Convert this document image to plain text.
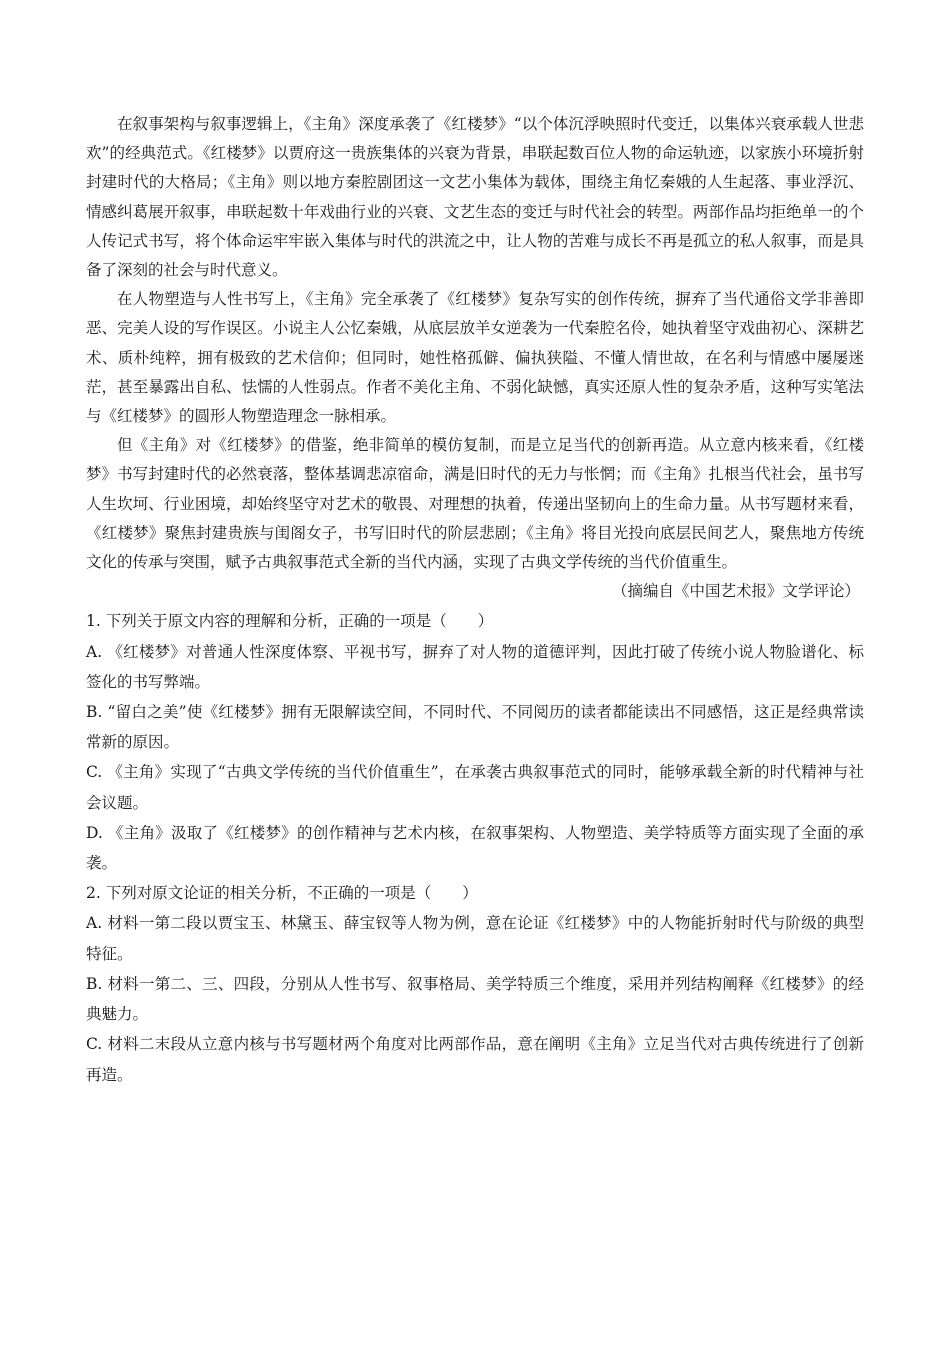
在叙事架构与叙事逻辑上，《主角》深度承袭了《红楼梦》“以个体沉浮映照时代变迁，以集体兴衰承载人世悲欢”的经典范式。《红楼梦》以贾府这一贵族集体的兴衰为背景，串联起数百位人物的命运轨迹，以家族小环境折射封建时代的大格局；《主角》则以地方秦腔剧团这一文艺小集体为载体，围绕主角忆秦娥的人生起落、事业浮沉、情感纠葛展开叙事，串联起数十年戏曲行业的兴衰、文艺生态的变迁与时代社会的转型。两部作品均拒绝单一的个人传记式书写，将个体命运牢牢嵌入集体与时代的洪流之中，让人物的苦难与成长不再是孤立的私人叙事，而是具备了深刻的社会与时代意义。

在人物塑造与人性书写上，《主角》完全承袭了《红楼梦》复杂写实的创作传统，摒弃了当代通俗文学非善即恶、完美人设的写作误区。小说主人公忆秦娥，从底层放羊女逆袭为一代秦腔名伶，她执着坚守戏曲初心、深耕艺术、质朴纯粹，拥有极致的艺术信仰；但同时，她性格孤僻、偏执狭隘、不懂人情世故，在名利与情感中屡屡迷茫，甚至暴露出自私、怯懦的人性弱点。作者不美化主角、不弱化缺憾，真实还原人性的复杂矛盾，这种写实笔法与《红楼梦》的圆形人物塑造理念一脉相承。

但《主角》对《红楼梦》的借鉴，绝非简单的模仿复制，而是立足当代的创新再造。从立意内核来看，《红楼梦》书写封建时代的必然衰落，整体基调悲凉宿命，满是旧时代的无力与怅惘；而《主角》扎根当代社会，虽书写人生坎坷、行业困境，却始终坚守对艺术的敬畏、对理想的执着，传递出坚韧向上的生命力量。从书写题材来看，《红楼梦》聚焦封建贵族与闺阁女子，书写旧时代的阶层悲剧；《主角》将目光投向底层民间艺人，聚焦地方传统文化的传承与突围，赋予古典叙事范式全新的当代内涵，实现了古典文学传统的当代价值重生。

（摘编自《中国艺术报》文学评论）

1. 下列关于原文内容的理解和分析，正确的一项是（　　）

A. 《红楼梦》对普通人性深度体察、平视书写，摒弃了对人物的道德评判，因此打破了传统小说人物脸谱化、标签化的书写弊端。

B. “留白之美”使《红楼梦》拥有无限解读空间，不同时代、不同阅历的读者都能读出不同感悟，这正是经典常读常新的原因。

C. 《主角》实现了“古典文学传统的当代价值重生”，在承袭古典叙事范式的同时，能够承载全新的时代精神与社会议题。

D. 《主角》汲取了《红楼梦》的创作精神与艺术内核，在叙事架构、人物塑造、美学特质等方面实现了全面的承袭。

2. 下列对原文论证的相关分析，不正确的一项是（　　）

A. 材料一第二段以贾宝玉、林黛玉、薛宝钗等人物为例，意在论证《红楼梦》中的人物能折射时代与阶级的典型特征。

B. 材料一第二、三、四段，分别从人性书写、叙事格局、美学特质三个维度，采用并列结构阐释《红楼梦》的经典魅力。

C. 材料二末段从立意内核与书写题材两个角度对比两部作品，意在阐明《主角》立足当代对古典传统进行了创新再造。
